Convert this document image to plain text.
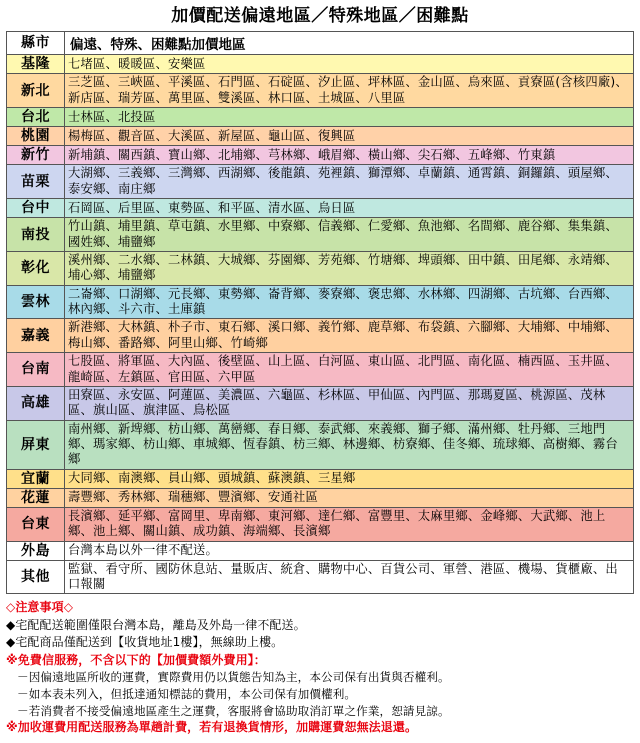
加價配送偏遠地區／特殊地區／困難點
縣市	偏遠、特殊、困難點加價地區
基隆	七堵區、暖暖區、安樂區
新北	三芝區、三峽區、平溪區、石門區、石碇區、汐止區、坪林區、金山區、烏來區、貢寮區(含核四廠)、新店區、瑞芳區、萬里區、雙溪區、林口區、土城區、八里區
台北	士林區、北投區
桃園	楊梅區、觀音區、大溪區、新屋區、龜山區、復興區
新竹	新埔鎮、關西鎮、寶山鄉、北埔鄉、芎林鄉、峨眉鄉、橫山鄉、尖石鄉、五峰鄉、竹東鎮
苗栗	大湖鄉、三義鄉、三灣鄉、西湖鄉、後龍鎮、苑裡鎮、獅潭鄉、卓蘭鎮、通霄鎮、銅鑼鎮、頭屋鄉、泰安鄉、南庄鄉
台中	石岡區、后里區、東勢區、和平區、清水區、烏日區
南投	竹山鎮、埔里鎮、草屯鎮、水里鄉、中寮鄉、信義鄉、仁愛鄉、魚池鄉、名間鄉、鹿谷鄉、集集鎮、國姓鄉、埔鹽鄉
彰化	溪州鄉、二水鄉、二林鎮、大城鄉、芬園鄉、芳苑鄉、竹塘鄉、埤頭鄉、田中鎮、田尾鄉、永靖鄉、埔心鄉、埔鹽鄉
雲林	二崙鄉、口湖鄉、元長鄉、東勢鄉、崙背鄉、麥寮鄉、褒忠鄉、水林鄉、四湖鄉、古坑鄉、台西鄉、林內鄉、斗六市、土庫鎮
嘉義	新港鄉、大林鎮、朴子市、東石鄉、溪口鄉、義竹鄉、鹿草鄉、布袋鎮、六腳鄉、大埔鄉、中埔鄉、梅山鄉、番路鄉、阿里山鄉、竹崎鄉
台南	七股區、將軍區、大內區、後壁區、山上區、白河區、東山區、北門區、南化區、楠西區、玉井區、龍崎區、左鎮區、官田區、六甲區
高雄	田寮區、永安區、阿蓮區、美濃區、六龜區、杉林區、甲仙區、內門區、那瑪夏區、桃源區、茂林區、旗山區、旗津區、鳥松區
屏東	南州鄉、新埤鄉、枋山鄉、萬巒鄉、春日鄉、泰武鄉、來義鄉、獅子鄉、滿州鄉、牡丹鄉、三地門鄉、瑪家鄉、枋山鄉、車城鄉、恆春鎮、枋三鄉、林邊鄉、枋寮鄉、佳冬鄉、琉球鄉、高樹鄉、霧台鄉
宜蘭	大同鄉、南澳鄉、員山鄉、頭城鎮、蘇澳鎮、三星鄉
花蓮	壽豐鄉、秀林鄉、瑞穗鄉、豐濱鄉、安通社區
台東	長濱鄉、延平鄉、富岡里、卑南鄉、東河鄉、達仁鄉、富豐里、太麻里鄉、金峰鄉、大武鄉、池上鄉、池上鄉、關山鎮、成功鎮、海端鄉、長濱鄉
外島	台灣本島以外一律不配送。
其他	監獄、看守所、國防休息站、量販店、統倉、購物中心、百貨公司、軍營、港區、機場、貨櫃廠、出口報關
◇注意事項◇
◆宅配配送範圍僅限台灣本島，離島及外島一律不配送。
◆宅配商品僅配送到【收貨地址1樓】，無線助上樓。
※免費信服務，不含以下的【加價費額外費用】：
－因偏遠地區所收的運費，實際費用仍以貨態告知為主，本公司保有出貨與否權利。
－如本表未列入，但抵達通知標誌的費用，本公司保有加價權利。
－若消費者不接受偏遠地區產生之運費，客服將會協助取消訂單之作業，恕請見諒。
※加收運費用配送服務為單趟計費，若有退換貨情形，加購運費恕無法退還。
